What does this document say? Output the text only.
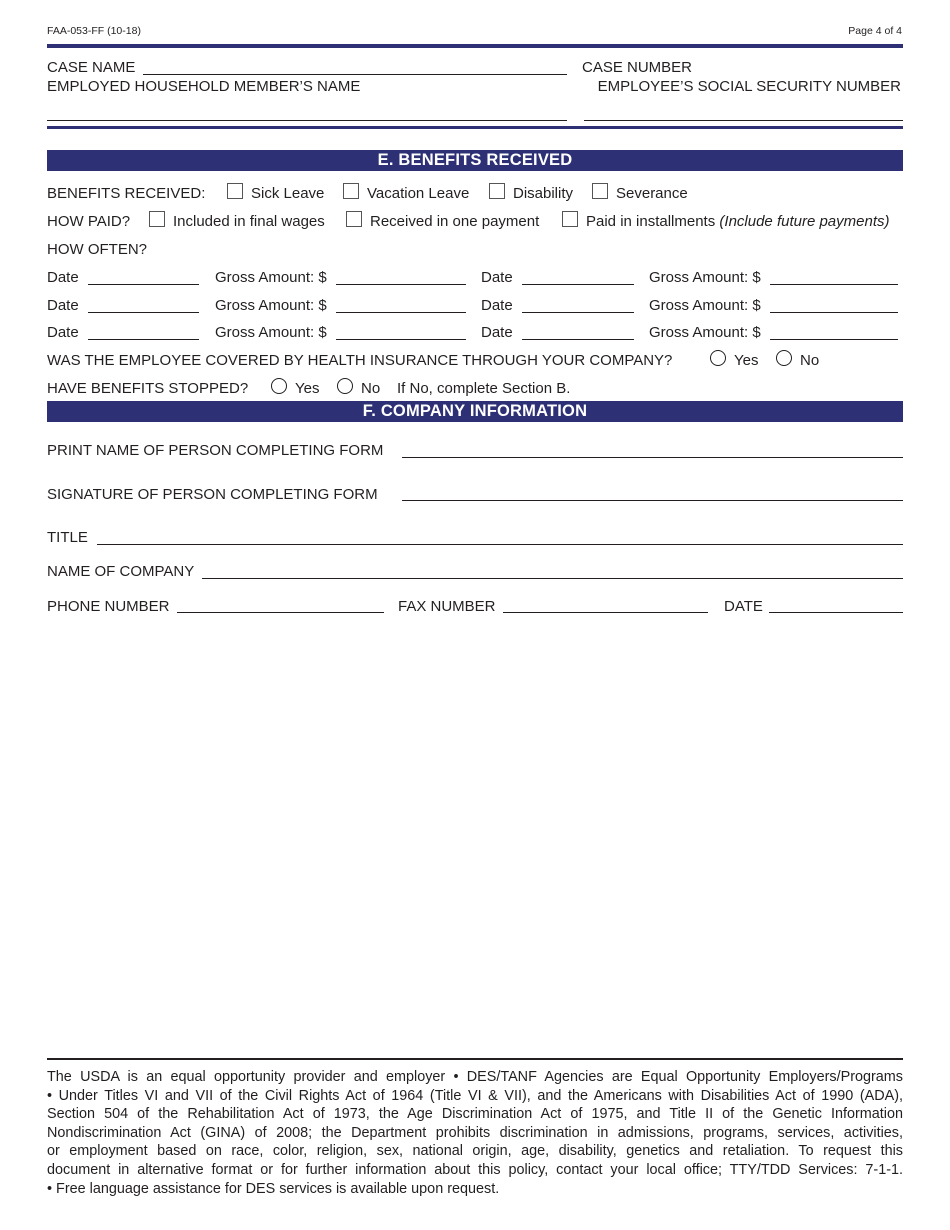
FAA-053-FF (10-18)	Page 4 of 4
CASE NAME	CASE NUMBER
EMPLOYED HOUSEHOLD MEMBER’S NAME	EMPLOYEE’S SOCIAL SECURITY NUMBER
E. BENEFITS RECEIVED
BENEFITS RECEIVED:	Sick Leave	Vacation Leave	Disability	Severance
HOW PAID?	Included in final wages	Received in one payment	Paid in installments (Include future payments)
HOW OFTEN?
Date	Gross Amount: $	Date	Gross Amount: $
Date	Gross Amount: $	Date	Gross Amount: $
Date	Gross Amount: $	Date	Gross Amount: $
WAS THE EMPLOYEE COVERED BY HEALTH INSURANCE THROUGH YOUR COMPANY?	Yes	No
HAVE BENEFITS STOPPED?	Yes	No If No, complete Section B.
F. COMPANY INFORMATION
PRINT NAME OF PERSON COMPLETING FORM
SIGNATURE OF PERSON COMPLETING FORM
TITLE
NAME OF COMPANY
PHONE NUMBER	FAX NUMBER	DATE
The USDA is an equal opportunity provider and employer • DES/TANF Agencies are Equal Opportunity Employers/Programs
• Under Titles VI and VII of the Civil Rights Act of 1964 (Title VI & VII), and the Americans with Disabilities Act of 1990 (ADA),
Section 504 of the Rehabilitation Act of 1973, the Age Discrimination Act of 1975, and Title II of the Genetic Information
Nondiscrimination Act (GINA) of 2008; the Department prohibits discrimination in admissions, programs, services, activities,
or employment based on race, color, religion, sex, national origin, age, disability, genetics and retaliation. To request this
document in alternative format or for further information about this policy, contact your local office; TTY/TDD Services: 7-1-1.
• Free language assistance for DES services is available upon request.
